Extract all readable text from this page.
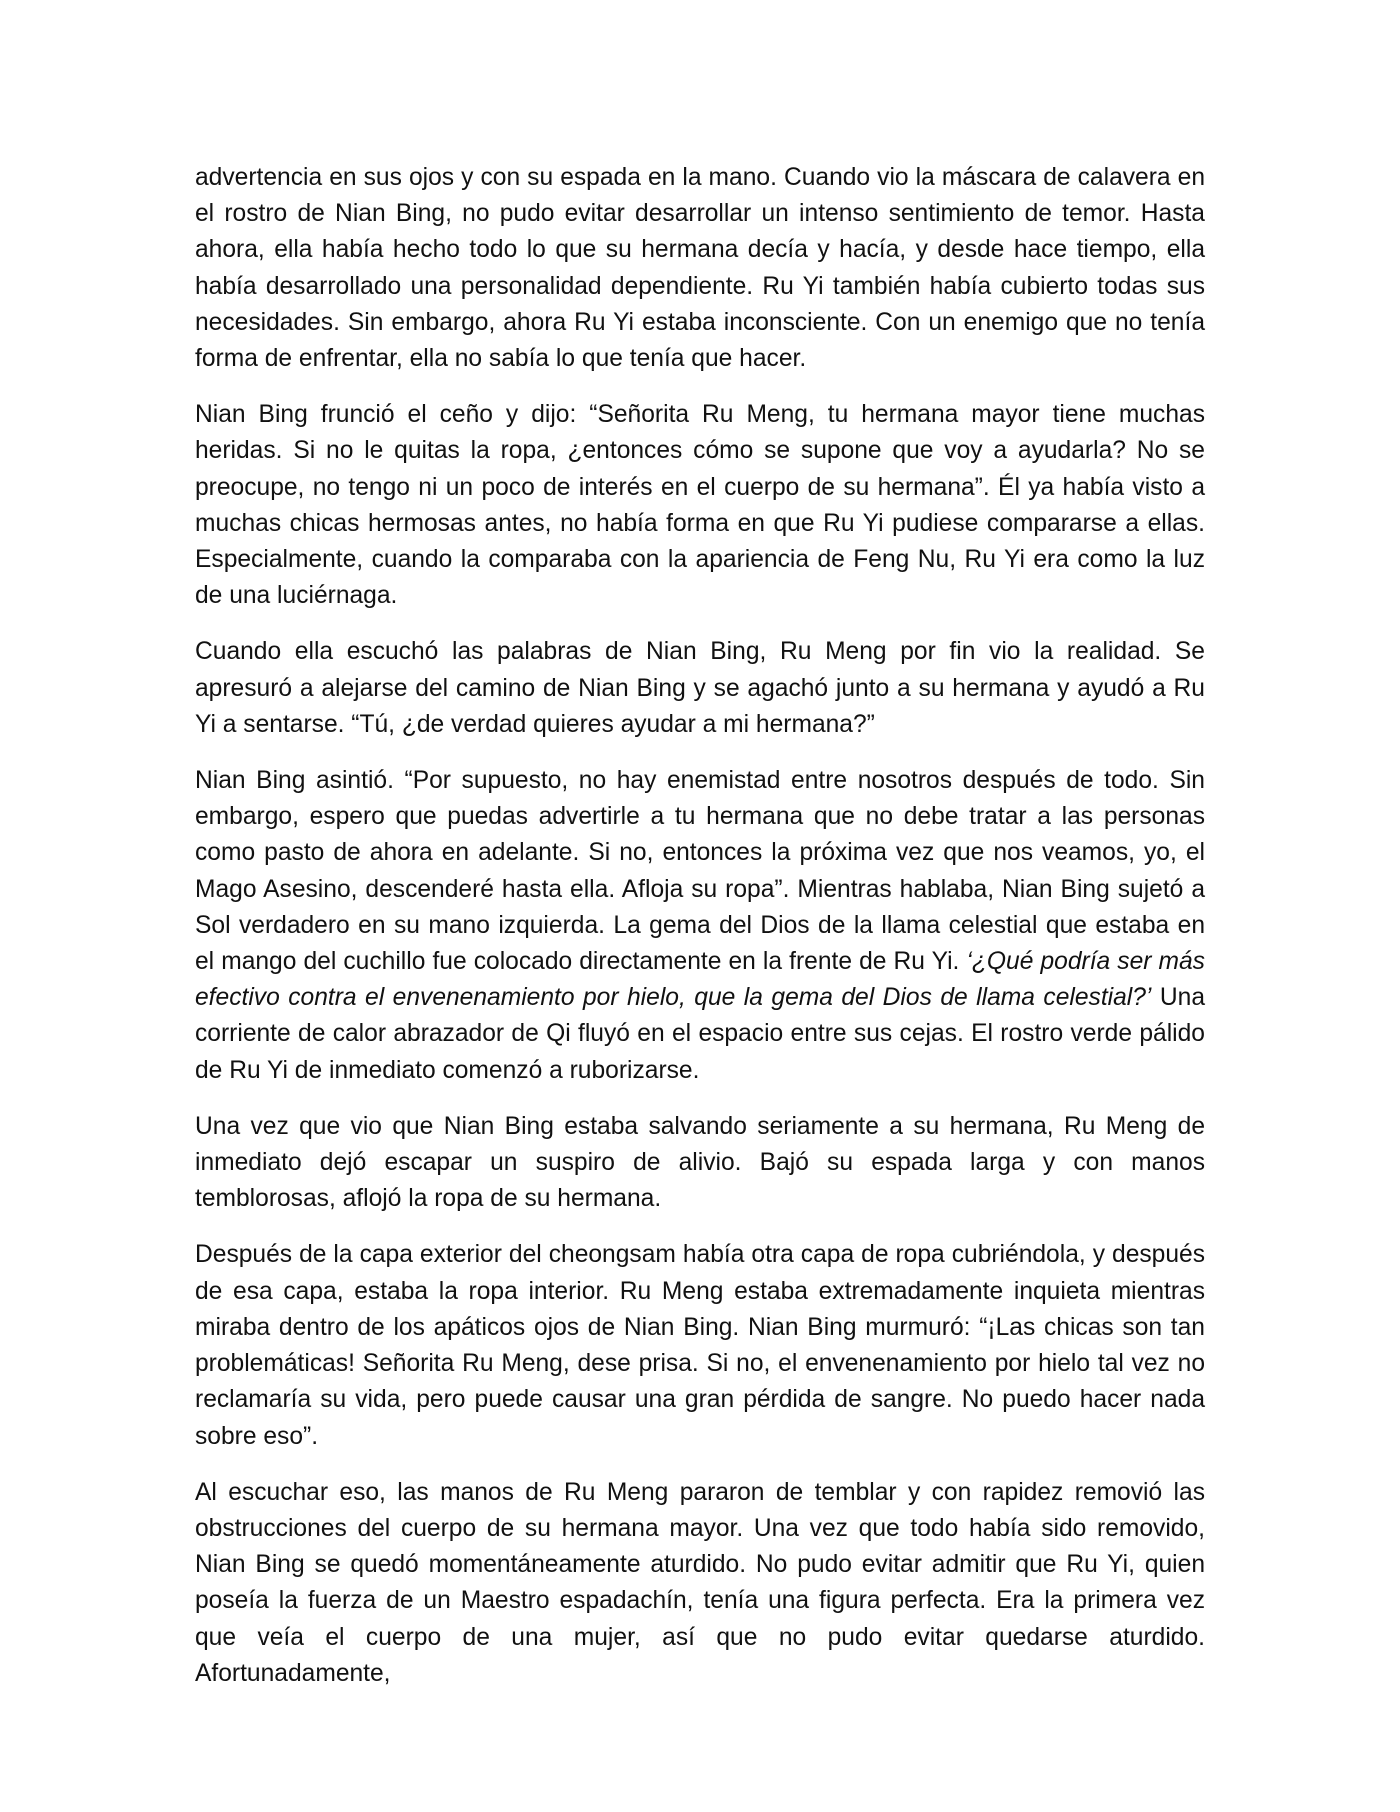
advertencia en sus ojos y con su espada en la mano. Cuando vio la máscara de calavera en el rostro de Nian Bing, no pudo evitar desarrollar un intenso sentimiento de temor. Hasta ahora, ella había hecho todo lo que su hermana decía y hacía, y desde hace tiempo, ella había desarrollado una personalidad dependiente. Ru Yi también había cubierto todas sus necesidades. Sin embargo, ahora Ru Yi estaba inconsciente. Con un enemigo que no tenía forma de enfrentar, ella no sabía lo que tenía que hacer.

Nian Bing frunció el ceño y dijo: “Señorita Ru Meng, tu hermana mayor tiene muchas heridas. Si no le quitas la ropa, ¿entonces cómo se supone que voy a ayudarla? No se preocupe, no tengo ni un poco de interés en el cuerpo de su hermana”. Él ya había visto a muchas chicas hermosas antes, no había forma en que Ru Yi pudiese compararse a ellas. Especialmente, cuando la comparaba con la apariencia de Feng Nu, Ru Yi era como la luz de una luciérnaga.

Cuando ella escuchó las palabras de Nian Bing, Ru Meng por fin vio la realidad. Se apresuró a alejarse del camino de Nian Bing y se agachó junto a su hermana y ayudó a Ru Yi a sentarse. “Tú, ¿de verdad quieres ayudar a mi hermana?”

Nian Bing asintió. “Por supuesto, no hay enemistad entre nosotros después de todo. Sin embargo, espero que puedas advertirle a tu hermana que no debe tratar a las personas como pasto de ahora en adelante. Si no, entonces la próxima vez que nos veamos, yo, el Mago Asesino, descenderé hasta ella. Afloja su ropa”. Mientras hablaba, Nian Bing sujetó a Sol verdadero en su mano izquierda. La gema del Dios de la llama celestial que estaba en el mango del cuchillo fue colocado directamente en la frente de Ru Yi. ‘¿Qué podría ser más efectivo contra el envenenamiento por hielo, que la gema del Dios de llama celestial?’ Una corriente de calor abrazador de Qi fluyó en el espacio entre sus cejas. El rostro verde pálido de Ru Yi de inmediato comenzó a ruborizarse.

Una vez que vio que Nian Bing estaba salvando seriamente a su hermana, Ru Meng de inmediato dejó escapar un suspiro de alivio. Bajó su espada larga y con manos temblorosas, aflojó la ropa de su hermana.

Después de la capa exterior del cheongsam había otra capa de ropa cubriéndola, y después de esa capa, estaba la ropa interior. Ru Meng estaba extremadamente inquieta mientras miraba dentro de los apáticos ojos de Nian Bing. Nian Bing murmuró: “¡Las chicas son tan problemáticas! Señorita Ru Meng, dese prisa. Si no, el envenenamiento por hielo tal vez no reclamaría su vida, pero puede causar una gran pérdida de sangre. No puedo hacer nada sobre eso”.

Al escuchar eso, las manos de Ru Meng pararon de temblar y con rapidez removió las obstrucciones del cuerpo de su hermana mayor. Una vez que todo había sido removido, Nian Bing se quedó momentáneamente aturdido. No pudo evitar admitir que Ru Yi, quien poseía la fuerza de un Maestro espadachín, tenía una figura perfecta. Era la primera vez que veía el cuerpo de una mujer, así que no pudo evitar quedarse aturdido. Afortunadamente,
